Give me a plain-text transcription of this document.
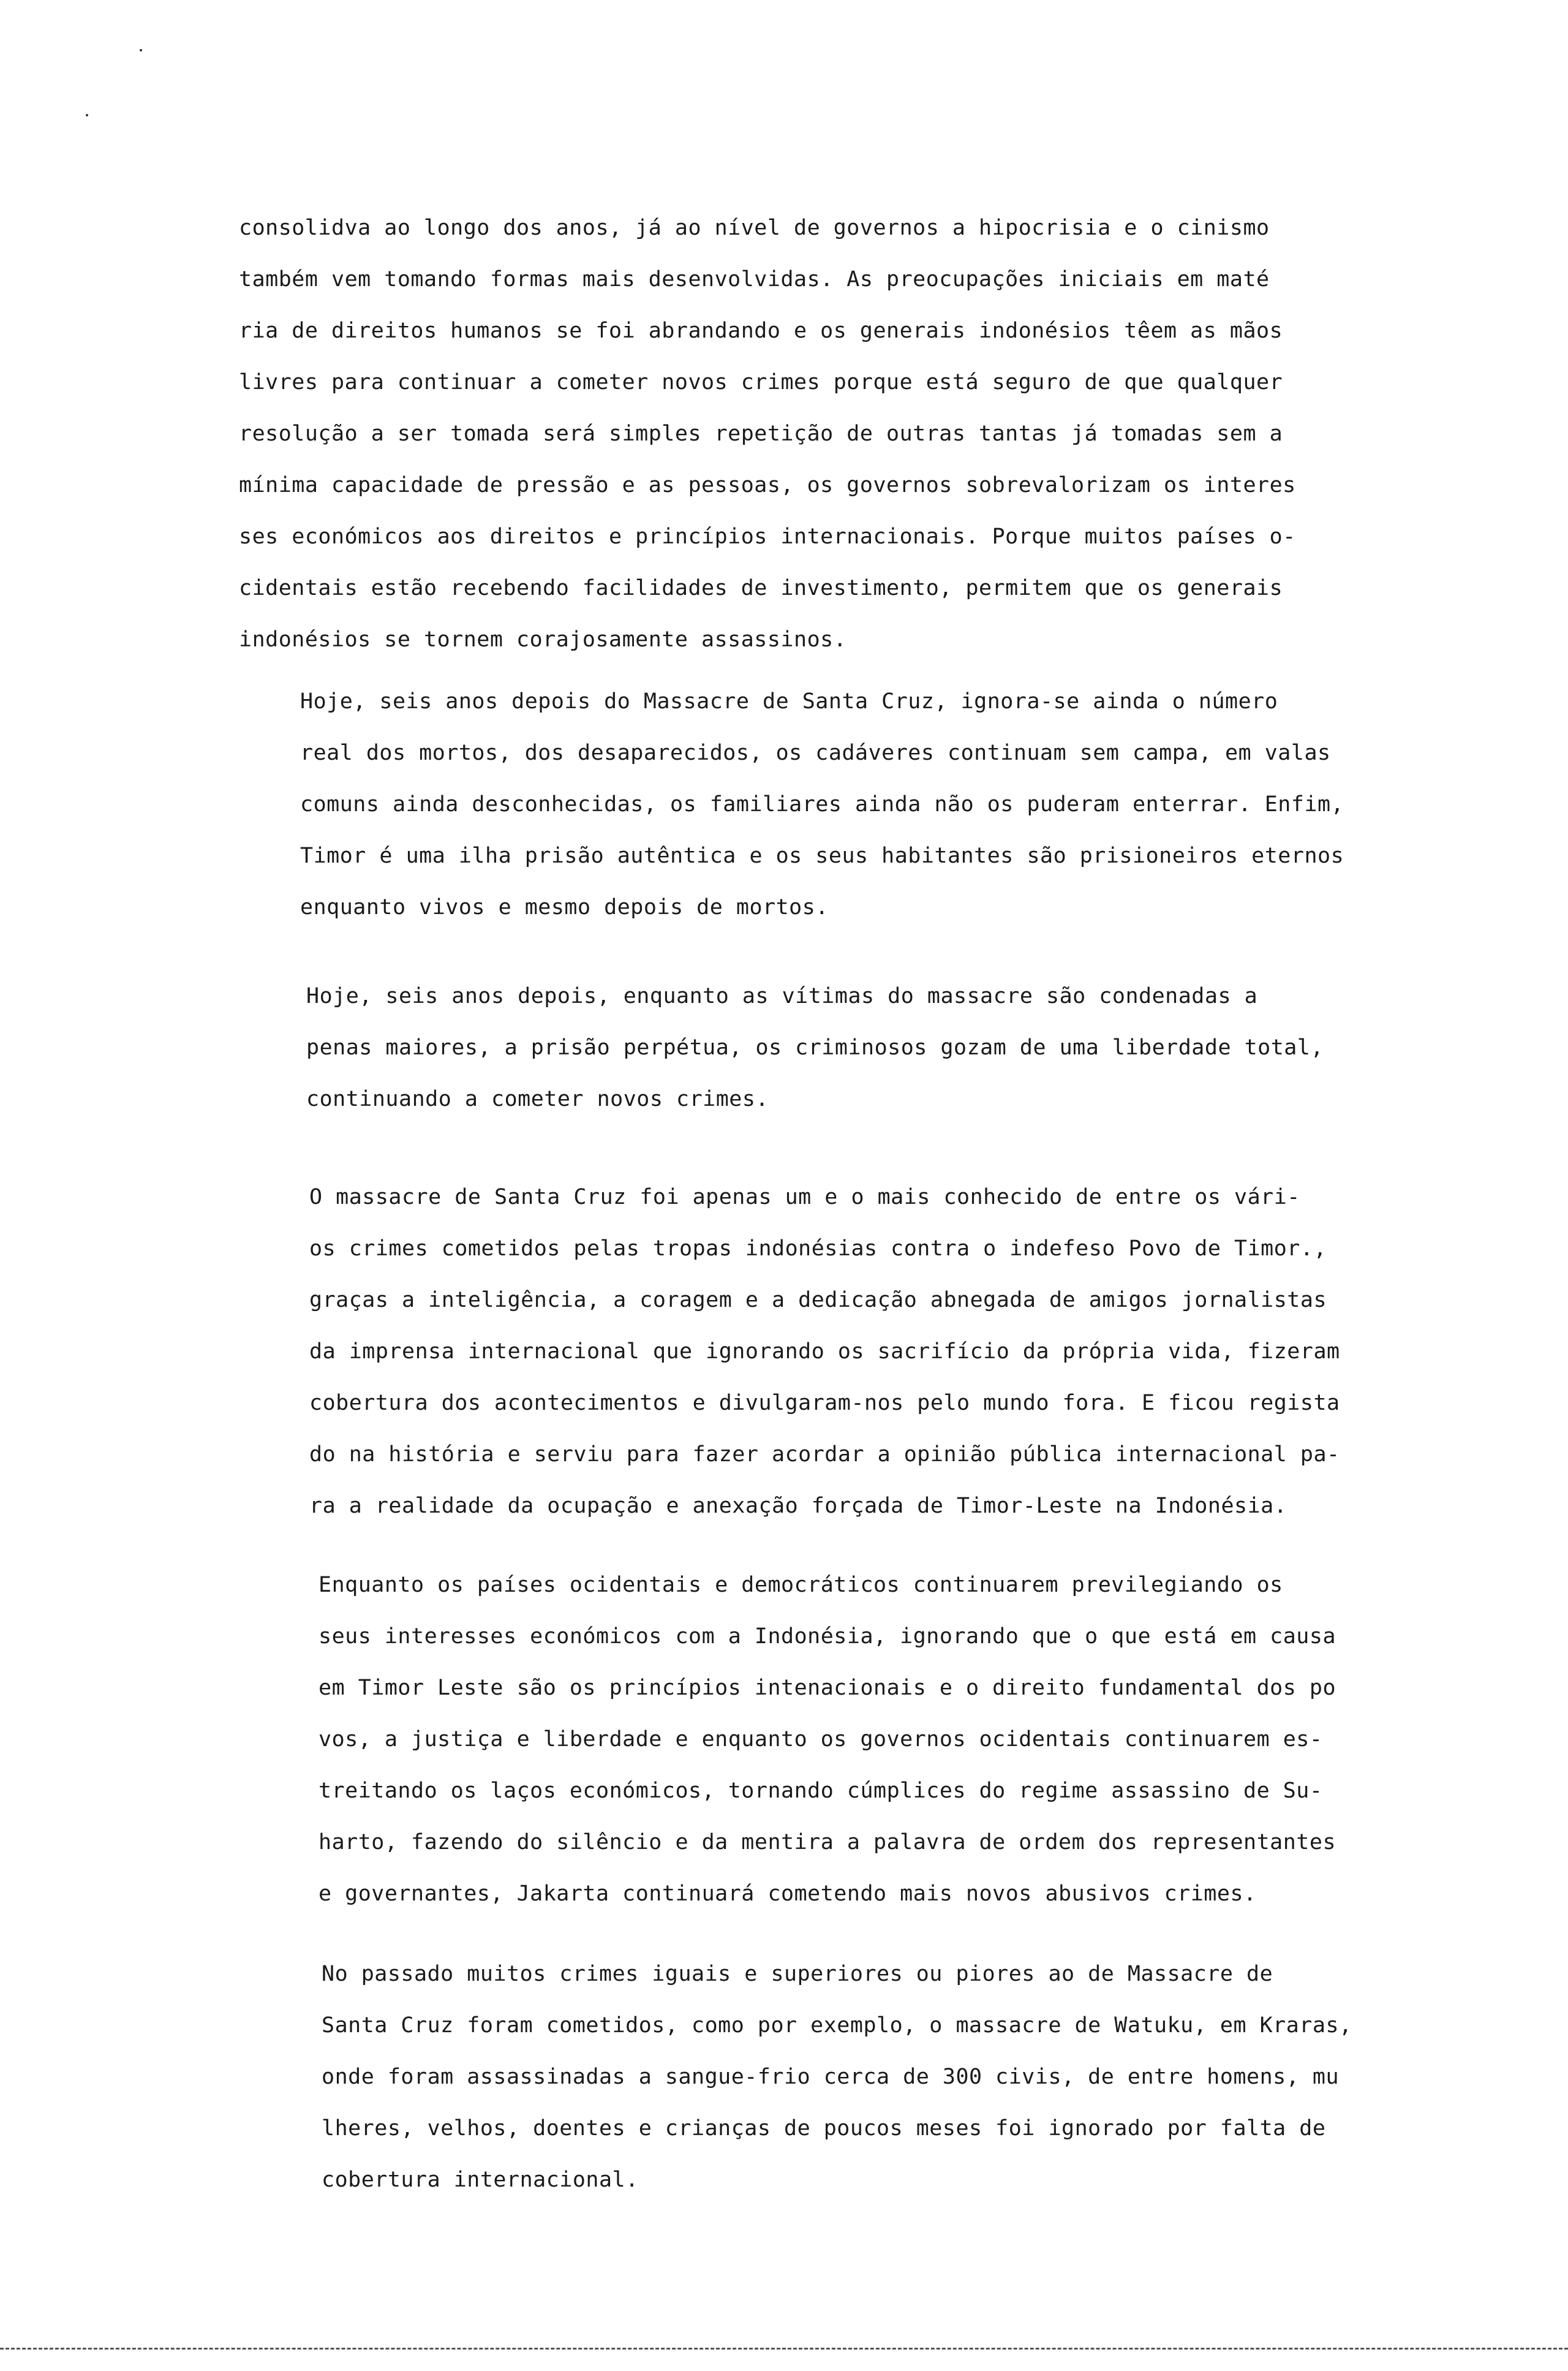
consolidva ao longo dos anos, já ao nível de governos a hipocrisia e o cinismo
também vem tomando formas mais desenvolvidas. As preocupações iniciais em maté
ria de direitos humanos se foi abrandando e os generais indonésios têem as mãos
livres para continuar a cometer novos crimes porque está seguro de que qualquer
resolução a ser tomada será simples repetição de outras tantas já tomadas sem a
mínima capacidade de pressão e as pessoas, os governos sobrevalorizam os interes
ses económicos aos direitos e princípios internacionais. Porque muitos países o-
cidentais estão recebendo facilidades de investimento, permitem que os generais
indonésios se tornem corajosamente assassinos.

Hoje, seis anos depois do Massacre de Santa Cruz, ignora-se ainda o número
real dos mortos, dos desaparecidos, os cadáveres continuam sem campa, em valas
comuns ainda desconhecidas, os familiares ainda não os puderam enterrar. Enfim,
Timor é uma ilha prisão autêntica e os seus habitantes são prisioneiros eternos
enquanto vivos e mesmo depois de mortos.

Hoje, seis anos depois, enquanto as vítimas do massacre são condenadas a
penas maiores, a prisão perpétua, os criminosos gozam de uma liberdade total,
continuando a cometer novos crimes.

O massacre de Santa Cruz foi apenas um e o mais conhecido de entre os vári-
os crimes cometidos pelas tropas indonésias contra o indefeso Povo de Timor.,
graças a inteligência, a coragem e a dedicação abnegada de amigos jornalistas
da imprensa internacional que ignorando os sacrifício da própria vida, fizeram
cobertura dos acontecimentos e divulgaram-nos pelo mundo fora. E ficou regista
do na história e serviu para fazer acordar a opinião pública internacional pa-
ra a realidade da ocupação e anexação forçada de Timor-Leste na Indonésia.

Enquanto os países ocidentais e democráticos continuarem previlegiando os
seus interesses económicos com a Indonésia, ignorando que o que está em causa
em Timor Leste são os princípios intenacionais e o direito fundamental dos po
vos, a justiça e liberdade e enquanto os governos ocidentais continuarem es-
treitando os laços económicos, tornando cúmplices do regime assassino de Su-
harto, fazendo do silêncio e da mentira a palavra de ordem dos representantes
e governantes, Jakarta continuará cometendo mais novos abusivos crimes.

No passado muitos crimes iguais e superiores ou piores ao de Massacre de
Santa Cruz foram cometidos, como por exemplo, o massacre de Watuku, em Kraras,
onde foram assassinadas a sangue-frio cerca de 300 civis, de entre homens, mu
lheres, velhos, doentes e crianças de poucos meses foi ignorado por falta de
cobertura internacional.
